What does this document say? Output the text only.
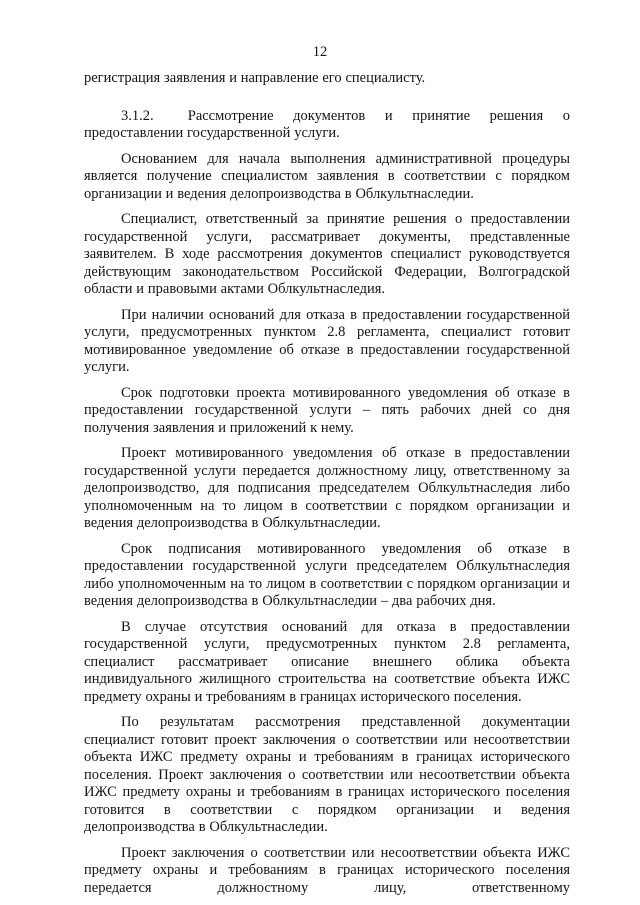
12

регистрация заявления и направление его специалисту.

3.1.2.  Рассмотрение документов и принятие решения о предоставлении государственной услуги.

Основанием для начала выполнения административной процедуры является получение специалистом заявления в соответствии с порядком организации и ведения делопроизводства в Облкультнаследии.

Специалист, ответственный за принятие решения о предоставлении государственной услуги, рассматривает документы, представленные заявителем. В ходе рассмотрения документов специалист руководствуется действующим законодательством Российской Федерации, Волгоградской области и правовыми актами Облкультнаследия.

При наличии оснований для отказа в предоставлении государственной услуги, предусмотренных пунктом 2.8 регламента, специалист готовит мотивированное уведомление об отказе в предоставлении государственной услуги.

Срок подготовки проекта мотивированного уведомления об отказе в предоставлении государственной услуги – пять рабочих дней со дня получения заявления и приложений к нему.

Проект мотивированного уведомления об отказе в предоставлении государственной услуги передается должностному лицу, ответственному за делопроизводство, для подписания председателем Облкультнаследия либо уполномоченным на то лицом в соответствии с порядком организации и ведения делопроизводства в Облкультнаследии.

Срок подписания мотивированного уведомления об отказе в предоставлении государственной услуги председателем Облкультнаследия либо уполномоченным на то лицом в соответствии с порядком организации и ведения делопроизводства в Облкультнаследии – два рабочих дня.

В случае отсутствия оснований для отказа в предоставлении государственной услуги, предусмотренных пунктом 2.8 регламента, специалист рассматривает описание внешнего облика объекта индивидуального жилищного строительства на соответствие объекта ИЖС предмету охраны и требованиям в границах исторического поселения.

По результатам рассмотрения представленной документации специалист готовит проект заключения о соответствии или несоответствии объекта ИЖС предмету охраны и требованиям в границах исторического поселения. Проект заключения о соответствии или несоответствии объекта ИЖС предмету охраны и требованиям в границах исторического поселения готовится в соответствии с порядком организации и ведения делопроизводства в Облкультнаследии.

Проект заключения о соответствии или несоответствии объекта ИЖС предмету охраны и требованиям в границах исторического поселения передается должностному лицу, ответственному
